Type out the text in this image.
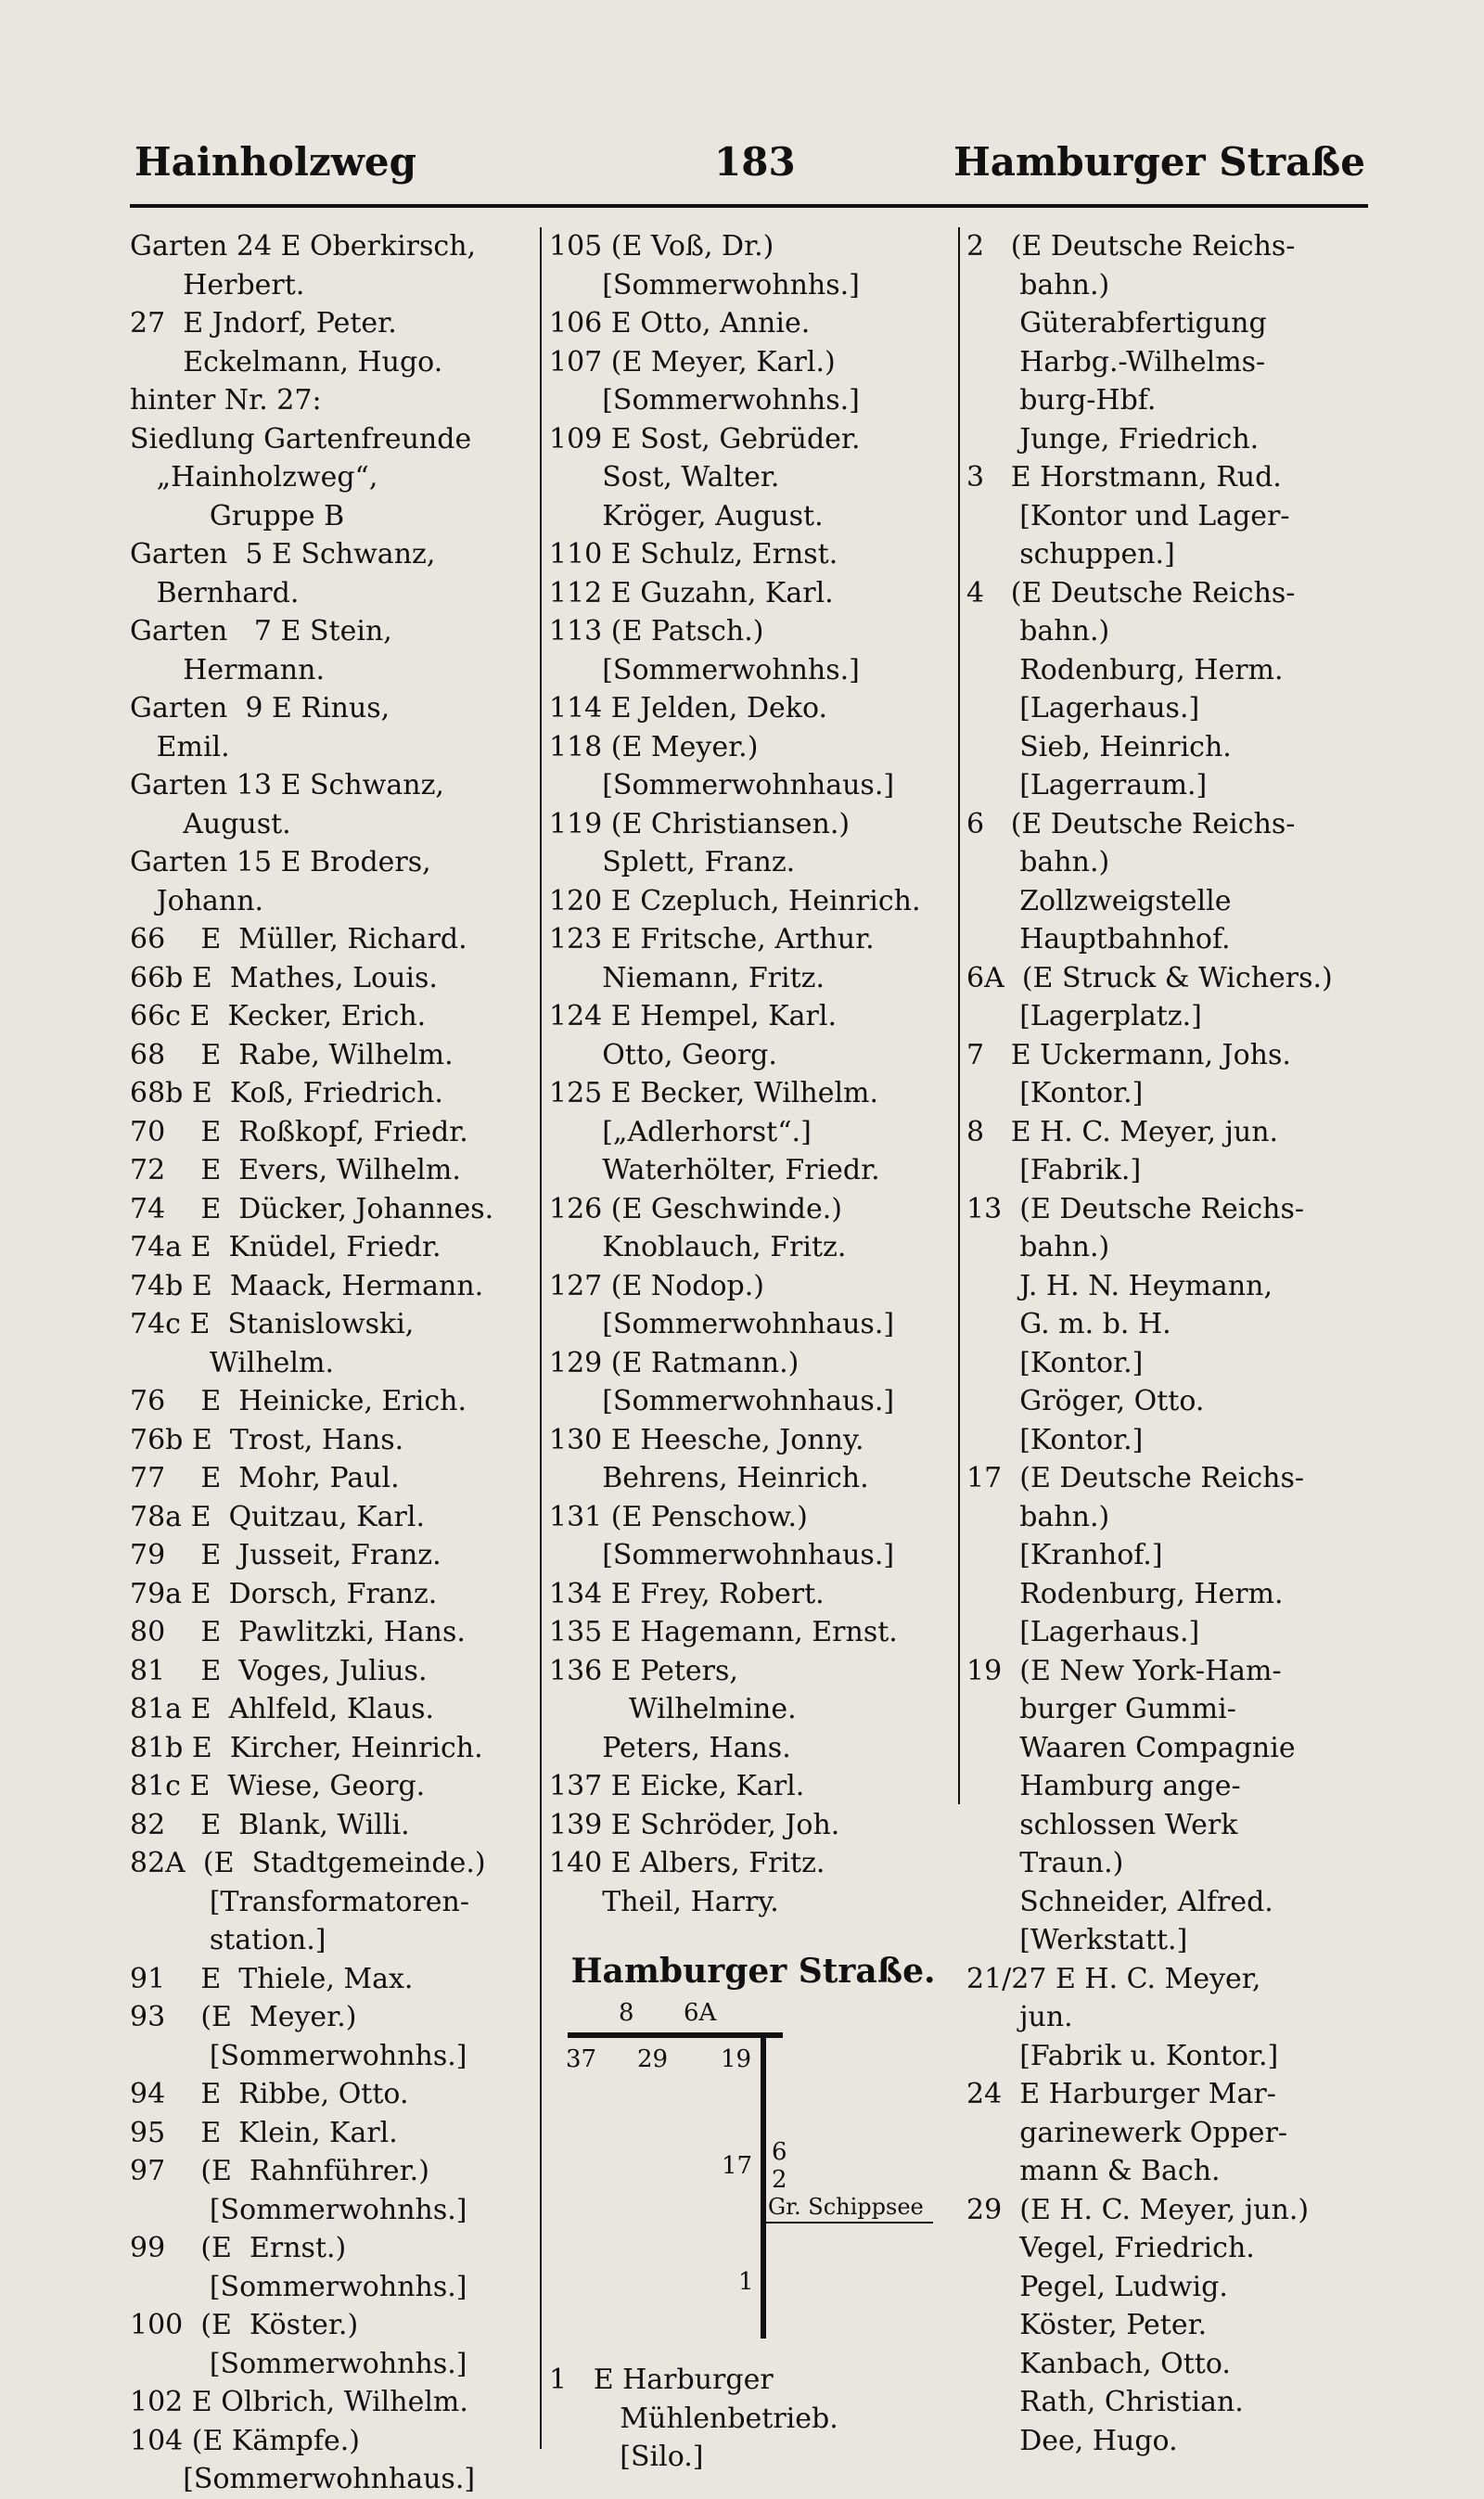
Hainholzweg	183	Hamburger Straße
Garten 24 E Oberkirsch,
Herbert.
27  E Jndorf, Peter.
Eckelmann, Hugo.
hinter Nr. 27:
Siedlung Gartenfreunde
„Hainholzweg“,
Gruppe B
Garten  5 E Schwanz,
Bernhard.
Garten   7 E Stein,
Hermann.
Garten  9 E Rinus,
Emil.
Garten 13 E Schwanz,
August.
Garten 15 E Broders,
Johann.
66    E  Müller, Richard.
66b E  Mathes, Louis.
66c E  Kecker, Erich.
68    E  Rabe, Wilhelm.
68b E  Koß, Friedrich.
70    E  Roßkopf, Friedr.
72    E  Evers, Wilhelm.
74    E  Dücker, Johannes.
74a E  Knüdel, Friedr.
74b E  Maack, Hermann.
74c E  Stanislowski,
Wilhelm.
76    E  Heinicke, Erich.
76b E  Trost, Hans.
77    E  Mohr, Paul.
78a E  Quitzau, Karl.
79    E  Jusseit, Franz.
79a E  Dorsch, Franz.
80    E  Pawlitzki, Hans.
81    E  Voges, Julius.
81a E  Ahlfeld, Klaus.
81b E  Kircher, Heinrich.
81c E  Wiese, Georg.
82    E  Blank, Willi.
82A  (E  Stadtgemeinde.)
[Transformatoren-
station.]
91    E  Thiele, Max.
93    (E  Meyer.)
[Sommerwohnhs.]
94    E  Ribbe, Otto.
95    E  Klein, Karl.
97    (E  Rahnführer.)
[Sommerwohnhs.]
99    (E  Ernst.)
[Sommerwohnhs.]
100  (E  Köster.)
[Sommerwohnhs.]
102 E Olbrich, Wilhelm.
104 (E Kämpfe.)
[Sommerwohnhaus.]
105 (E Voß, Dr.)
[Sommerwohnhs.]
106 E Otto, Annie.
107 (E Meyer, Karl.)
[Sommerwohnhs.]
109 E Sost, Gebrüder.
Sost, Walter.
Kröger, August.
110 E Schulz, Ernst.
112 E Guzahn, Karl.
113 (E Patsch.)
[Sommerwohnhs.]
114 E Jelden, Deko.
118 (E Meyer.)
[Sommerwohnhaus.]
119 (E Christiansen.)
Splett, Franz.
120 E Czepluch, Heinrich.
123 E Fritsche, Arthur.
Niemann, Fritz.
124 E Hempel, Karl.
Otto, Georg.
125 E Becker, Wilhelm.
[„Adlerhorst“.]
Waterhölter, Friedr.
126 (E Geschwinde.)
Knoblauch, Fritz.
127 (E Nodop.)
[Sommerwohnhaus.]
129 (E Ratmann.)
[Sommerwohnhaus.]
130 E Heesche, Jonny.
Behrens, Heinrich.
131 (E Penschow.)
[Sommerwohnhaus.]
134 E Frey, Robert.
135 E Hagemann, Ernst.
136 E Peters,
Wilhelmine.
Peters, Hans.
137 E Eicke, Karl.
139 E Schröder, Joh.
140 E Albers, Fritz.
Theil, Harry.
Hamburger Straße.
8 6A
37 29 19
17 6
2
Gr. Schippsee
1
1   E Harburger
Mühlenbetrieb.
[Silo.]
2   (E Deutsche Reichs-
bahn.)
Güterabfertigung
Harbg.-Wilhelms-
burg-Hbf.
Junge, Friedrich.
3   E Horstmann, Rud.
[Kontor und Lager-
schuppen.]
4   (E Deutsche Reichs-
bahn.)
Rodenburg, Herm.
[Lagerhaus.]
Sieb, Heinrich.
[Lagerraum.]
6   (E Deutsche Reichs-
bahn.)
Zollzweigstelle
Hauptbahnhof.
6A  (E Struck & Wichers.)
[Lagerplatz.]
7   E Uckermann, Johs.
[Kontor.]
8   E H. C. Meyer, jun.
[Fabrik.]
13  (E Deutsche Reichs-
bahn.)
J. H. N. Heymann,
G. m. b. H.
[Kontor.]
Gröger, Otto.
[Kontor.]
17  (E Deutsche Reichs-
bahn.)
[Kranhof.]
Rodenburg, Herm.
[Lagerhaus.]
19  (E New York-Ham-
burger Gummi-
Waaren Compagnie
Hamburg ange-
schlossen Werk
Traun.)
Schneider, Alfred.
[Werkstatt.]
21/27 E H. C. Meyer,
jun.
[Fabrik u. Kontor.]
24  E Harburger Mar-
garinewerk Opper-
mann & Bach.
29  (E H. C. Meyer, jun.)
Vegel, Friedrich.
Pegel, Ludwig.
Köster, Peter.
Kanbach, Otto.
Rath, Christian.
Dee, Hugo.
